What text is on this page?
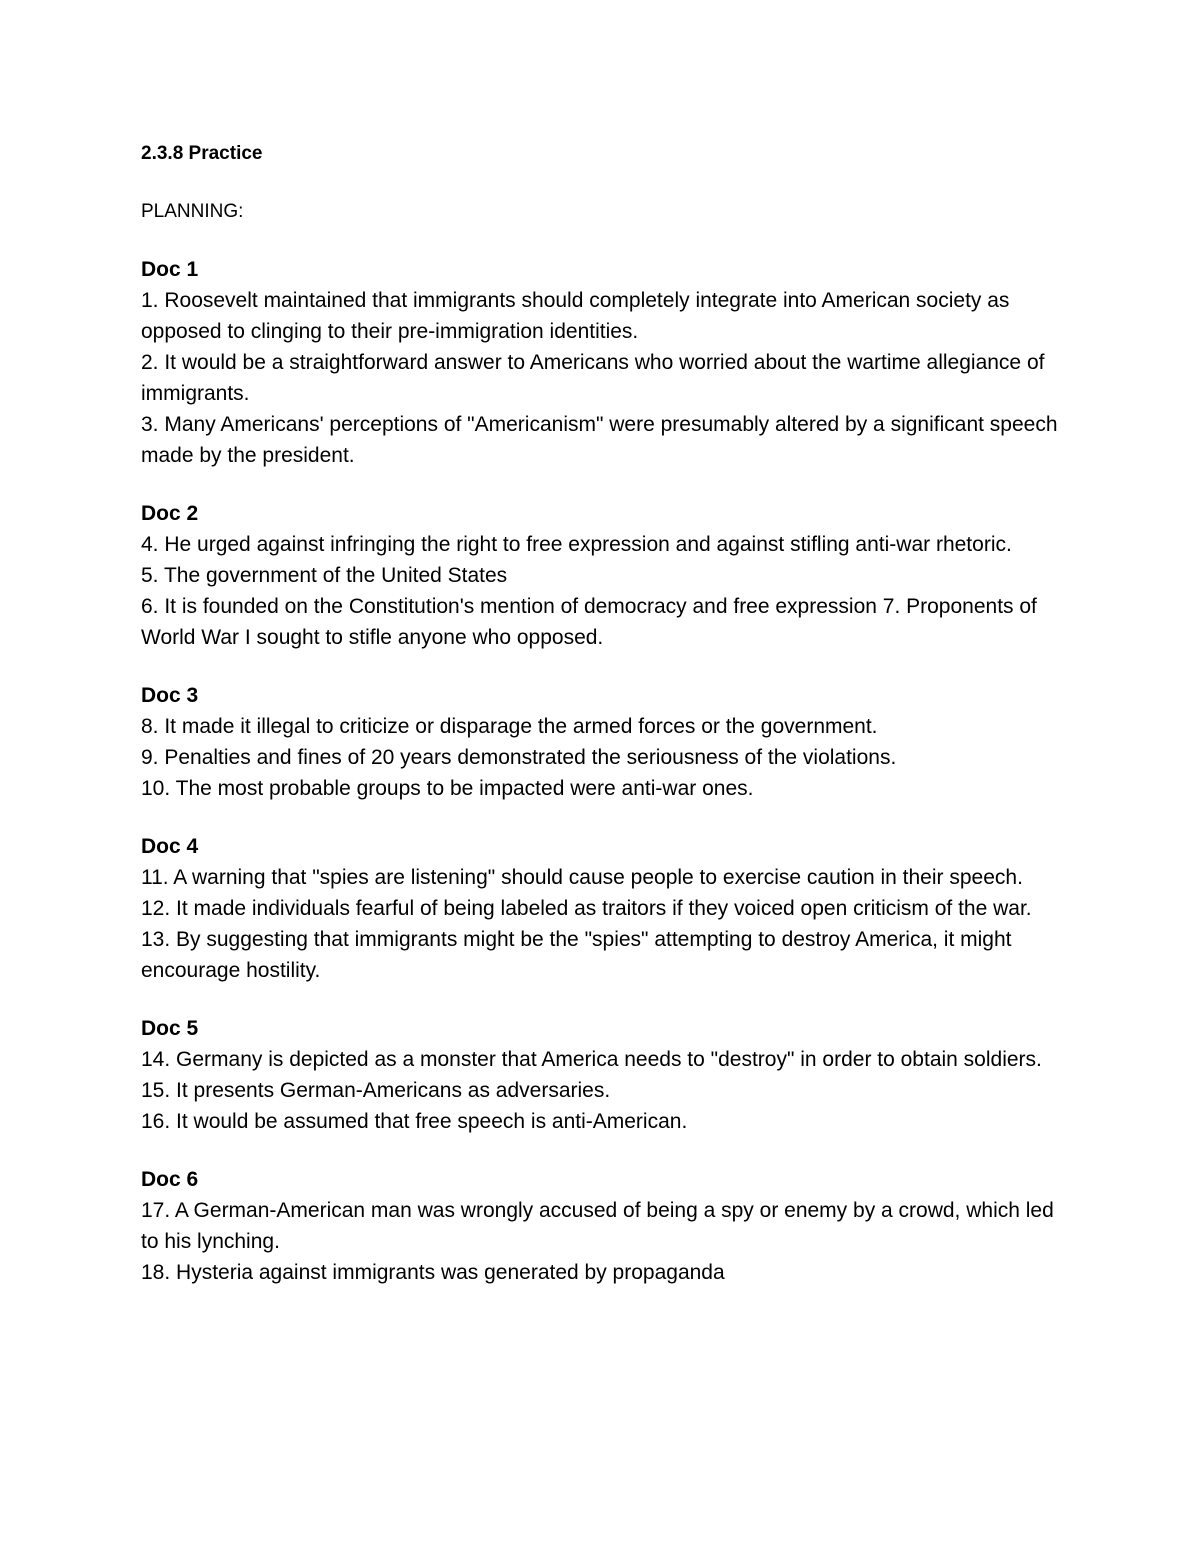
2.3.8 Practice

PLANNING:

Doc 1

1. Roosevelt maintained that immigrants should completely integrate into American society as opposed to clinging to their pre-immigration identities.

2. It would be a straightforward answer to Americans who worried about the wartime allegiance of immigrants.

3. Many Americans' perceptions of "Americanism" were presumably altered by a significant speech made by the president.

Doc 2

4. He urged against infringing the right to free expression and against stifling anti-war rhetoric.

5. The government of the United States

6. It is founded on the Constitution's mention of democracy and free expression 7. Proponents of World War I sought to stifle anyone who opposed.

Doc 3

8. It made it illegal to criticize or disparage the armed forces or the government.

9. Penalties and fines of 20 years demonstrated the seriousness of the violations.

10. The most probable groups to be impacted were anti-war ones.

Doc 4

11. A warning that "spies are listening" should cause people to exercise caution in their speech.

12. It made individuals fearful of being labeled as traitors if they voiced open criticism of the war.

13. By suggesting that immigrants might be the "spies" attempting to destroy America, it might encourage hostility.

Doc 5

14. Germany is depicted as a monster that America needs to "destroy" in order to obtain soldiers. 15. It presents German-Americans as adversaries.

16. It would be assumed that free speech is anti-American.

Doc 6

17. A German-American man was wrongly accused of being a spy or enemy by a crowd, which led to his lynching.

18. Hysteria against immigrants was generated by propaganda
